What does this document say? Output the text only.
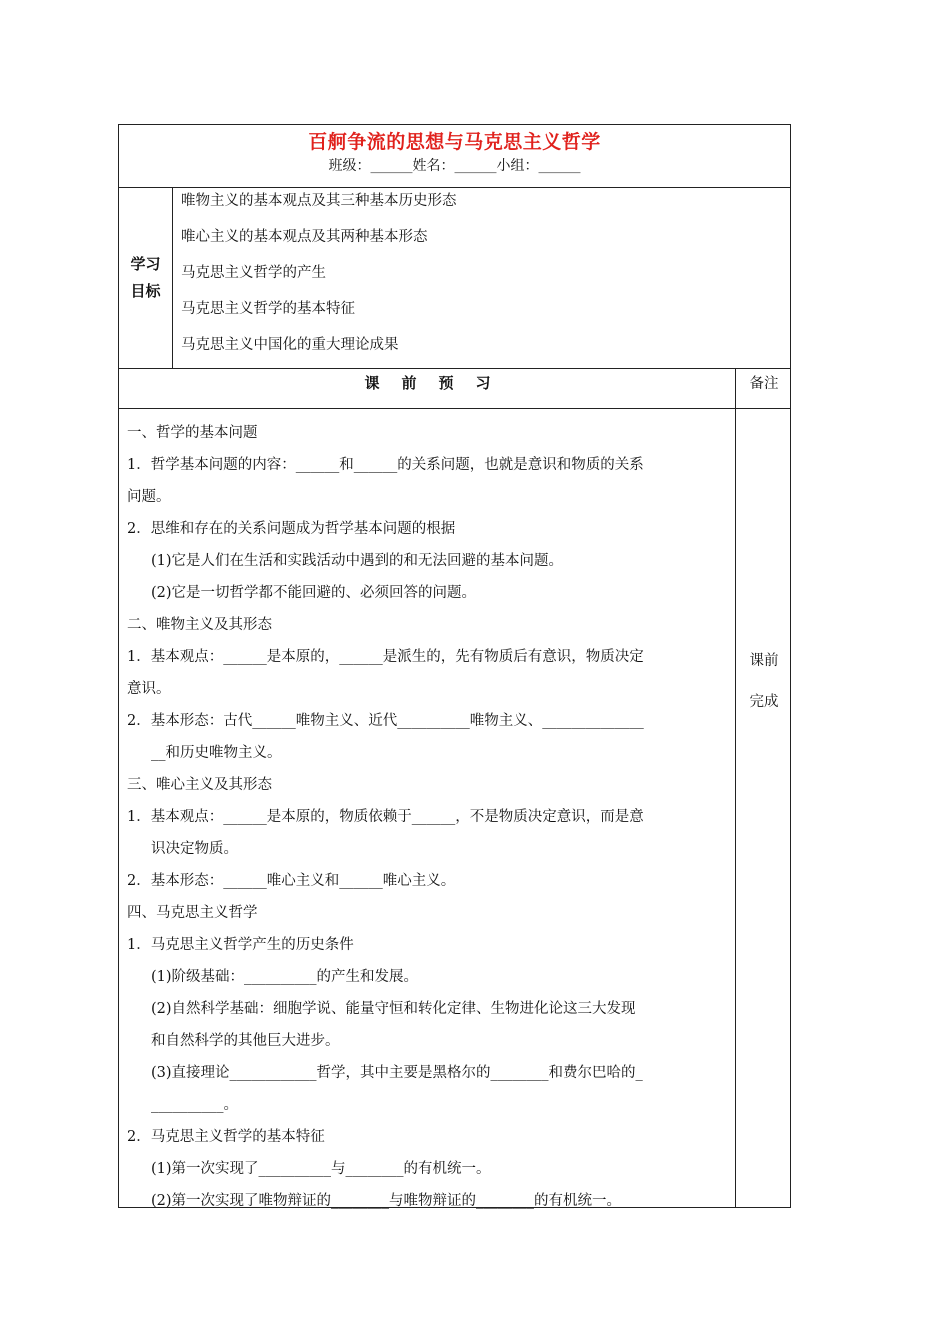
百舸争流的思想与马克思主义哲学
班级：______姓名：______小组：______
学习
目标
唯物主义的基本观点及其三种基本历史形态
唯心主义的基本观点及其两种基本形态
马克思主义哲学的产生
马克思主义哲学的基本特征
马克思主义中国化的重大理论成果
课前预习	备注
一、哲学的基本问题
1．哲学基本问题的内容：______和______的关系问题，也就是意识和物质的关系
问题。
2．思维和存在的关系问题成为哲学基本问题的根据
(1)它是人们在生活和实践活动中遇到的和无法回避的基本问题。
(2)它是一切哲学都不能回避的、必须回答的问题。
二、唯物主义及其形态
1．基本观点：______是本原的，______是派生的，先有物质后有意识，物质决定
意识。
2．基本形态：古代______唯物主义、近代__________唯物主义、______________
__和历史唯物主义。
三、唯心主义及其形态
1．基本观点：______是本原的，物质依赖于______，不是物质决定意识，而是意
识决定物质。
2．基本形态：______唯心主义和______唯心主义。
四、马克思主义哲学
1．马克思主义哲学产生的历史条件
(1)阶级基础：__________的产生和发展。
(2)自然科学基础：细胞学说、能量守恒和转化定律、生物进化论这三大发现
和自然科学的其他巨大进步。
(3)直接理论____________哲学，其中主要是黑格尔的________和费尔巴哈的_
__________。
2．马克思主义哲学的基本特征
(1)第一次实现了__________与________的有机统一。
(2)第一次实现了唯物辩证的________与唯物辩证的________的有机统一。
课前
完成
